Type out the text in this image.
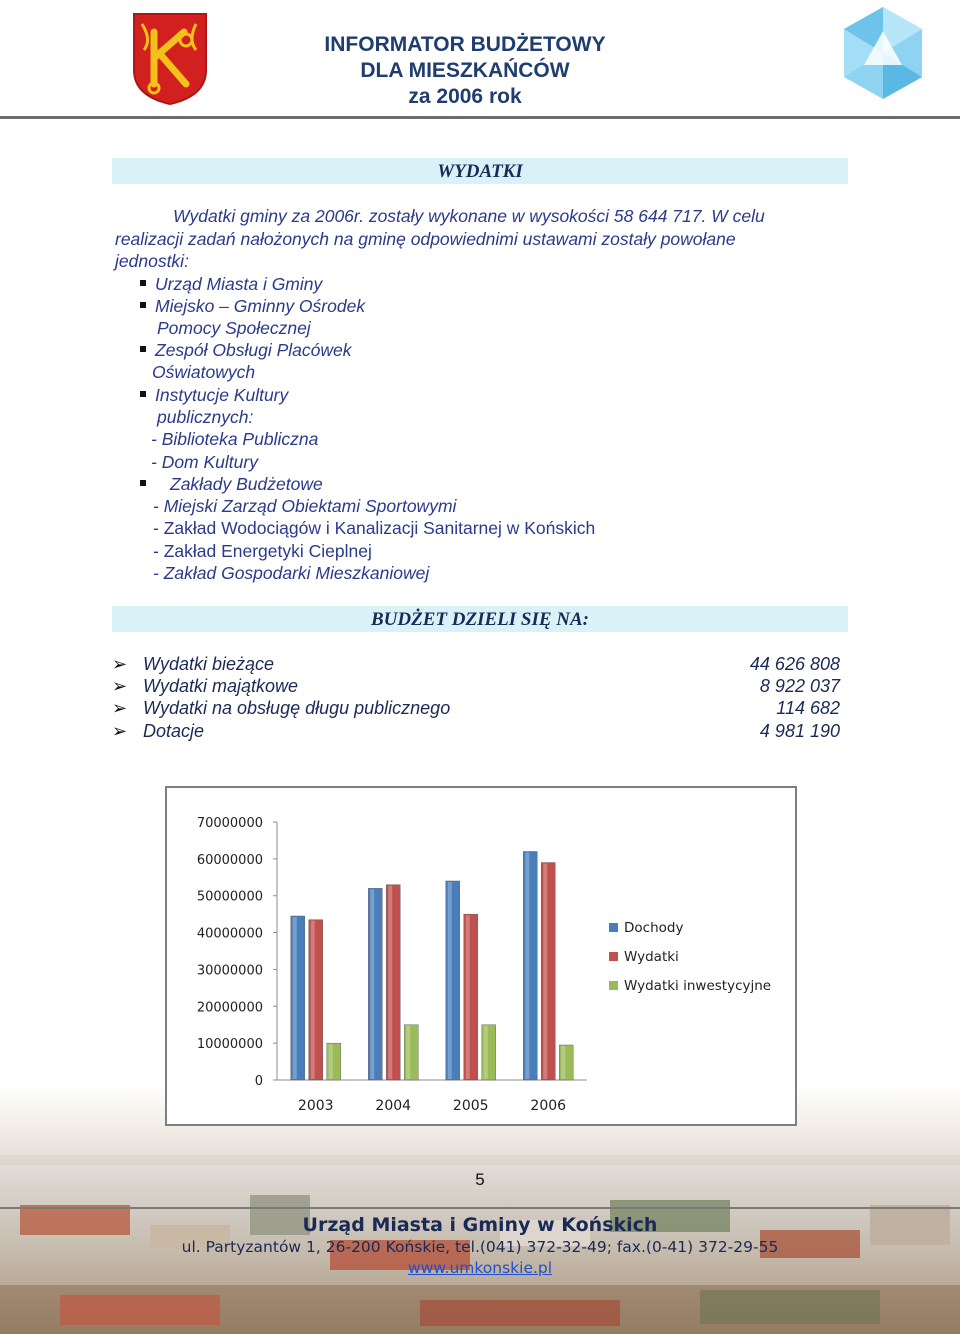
INFORMATOR BUDŻETOWY
DLA MIESZKAŃCÓW
za 2006 rok
WYDATKI
Wydatki gminy za 2006r. zostały wykonane w wysokości 58 644 717. W celu
realizacji zadań nałożonych na gminę odpowiednimi ustawami zostały powołane
jednostki:
Urząd Miasta i Gminy
Miejsko – Gminny Ośrodek
Pomocy Społecznej
Zespół Obsługi Placówek
Oświatowych
Instytucje Kultury
publicznych:
- Biblioteka Publiczna
- Dom Kultury
Zakłady Budżetowe
- Miejski Zarząd Obiektami Sportowymi
- Zakład Wodociągów i Kanalizacji Sanitarnej w Końskich
- Zakład Energetyki Cieplnej
- Zakład Gospodarki Mieszkaniowej
BUDŻET DZIELI SIĘ NA:
➢ Wydatki bieżące	44 626 808
➢ Wydatki majątkowe	8 922 037
➢ Wydatki na obsługę długu publicznego	114 682
➢ Dotacje	4 981 190
0
10000000
20000000
30000000
40000000
50000000
60000000
70000000
2003	2004	2005	2006
Dochody
Wydatki
Wydatki inwestycyjne
5
Urząd Miasta i Gminy w Końskich
ul. Partyzantów 1, 26-200 Końskie, tel.(041) 372-32-49; fax.(0-41) 372-29-55
www.umkonskie.pl
